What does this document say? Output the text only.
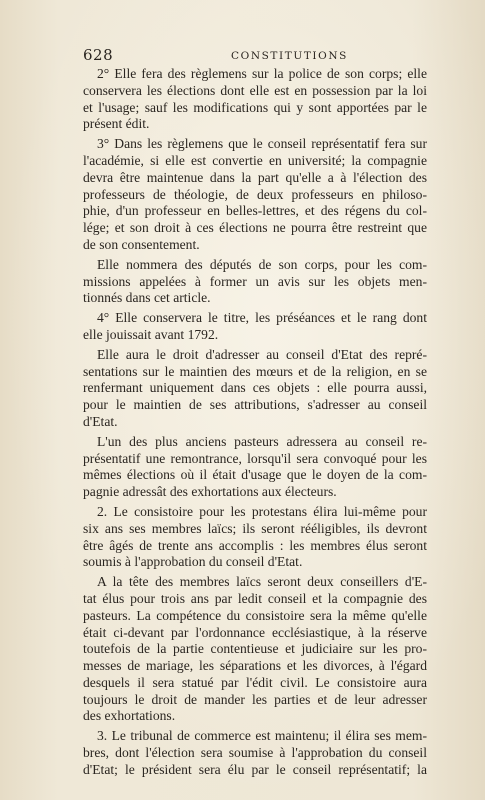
628	CONSTITUTIONS

2° Elle fera des règlemens sur la police de son corps; elle
conservera les élections dont elle est en possession par la loi
et l'usage; sauf les modifications qui y sont apportées par le
présent édit.

3° Dans les règlemens que le conseil représentatif fera sur
l'académie, si elle est convertie en université; la compagnie
devra être maintenue dans la part qu'elle a à l'élection des
professeurs de théologie, de deux professeurs en philoso-
phie, d'un professeur en belles-lettres, et des régens du col-
lége; et son droit à ces élections ne pourra être restreint que
de son consentement.

Elle nommera des députés de son corps, pour les com-
missions appelées à former un avis sur les objets men-
tionnés dans cet article.

4° Elle conservera le titre, les préséances et le rang dont
elle jouissait avant 1792.

Elle aura le droit d'adresser au conseil d'Etat des repré-
sentations sur le maintien des mœurs et de la religion, en se
renfermant uniquement dans ces objets : elle pourra aussi,
pour le maintien de ses attributions, s'adresser au conseil
d'Etat.

L'un des plus anciens pasteurs adressera au conseil re-
présentatif une remontrance, lorsqu'il sera convoqué pour les
mêmes élections où il était d'usage que le doyen de la com-
pagnie adressât des exhortations aux électeurs.

2. Le consistoire pour les protestans élira lui-même pour
six ans ses membres laïcs; ils seront rééligibles, ils devront
être âgés de trente ans accomplis : les membres élus seront
soumis à l'approbation du conseil d'Etat.

A la tête des membres laïcs seront deux conseillers d'E-
tat élus pour trois ans par ledit conseil et la compagnie des
pasteurs. La compétence du consistoire sera la même qu'elle
était ci-devant par l'ordonnance ecclésiastique, à la réserve
toutefois de la partie contentieuse et judiciaire sur les pro-
messes de mariage, les séparations et les divorces, à l'égard
desquels il sera statué par l'édit civil. Le consistoire aura
toujours le droit de mander les parties et de leur adresser
des exhortations.

3. Le tribunal de commerce est maintenu; il élira ses mem-
bres, dont l'élection sera soumise à l'approbation du conseil
d'Etat; le président sera élu par le conseil représentatif; la
